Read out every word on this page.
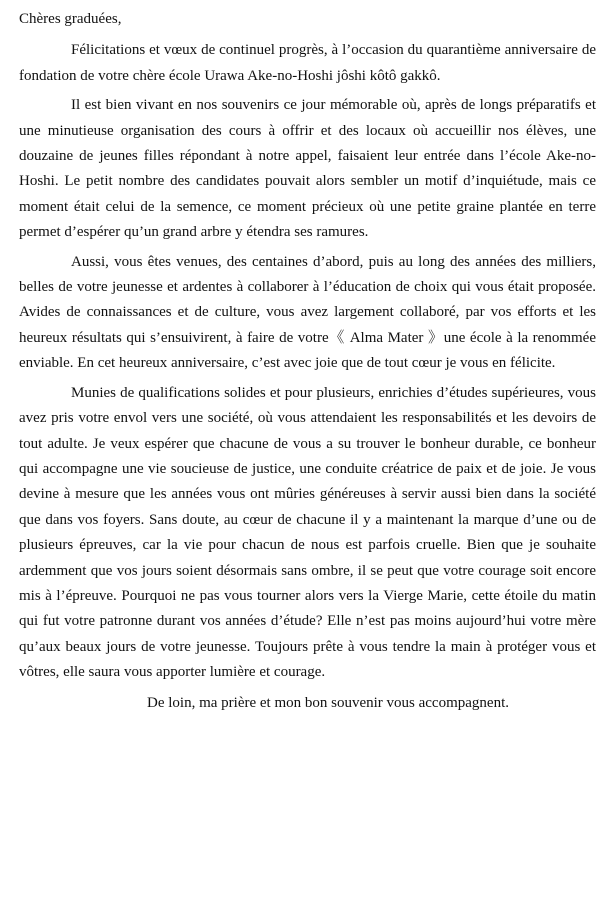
Chères graduées,

Félicitations et vœux de continuel progrès, à l’occasion du quarantième anniversaire de fondation de votre chère école Urawa Ake-no-Hoshi jôshi kôtô gakkô.

Il est bien vivant en nos souvenirs ce jour mémorable où, après de longs préparatifs et une minutieuse organisation des cours à offrir et des locaux où accueillir nos élèves, une douzaine de jeunes filles répondant à notre appel, faisaient leur entrée dans l’école Ake-no-Hoshi. Le petit nombre des candidates pouvait alors sembler un motif d’inquiétude, mais ce moment était celui de la semence, ce moment précieux où une petite graine plantée en terre permet d’espérer qu’un grand arbre y étendra ses ramures.

Aussi, vous êtes venues, des centaines d’abord, puis au long des années des milliers, belles de votre jeunesse et ardentes à collaborer à l’éducation de choix qui vous était proposée. Avides de connaissances et de culture, vous avez largement collaboré, par vos efforts et les heureux résultats qui s’ensuivirent, à faire de votre《 Alma Mater 》une école à la renommée enviable. En cet heureux anniversaire, c’est avec joie que de tout cœur je vous en félicite.

Munies de qualifications solides et pour plusieurs, enrichies d’études supérieures, vous avez pris votre envol vers une société, où vous attendaient les responsabilités et les devoirs de tout adulte. Je veux espérer que chacune de vous a su trouver le bonheur durable, ce bonheur qui accompagne une vie soucieuse de justice, une conduite créatrice de paix et de joie. Je vous devine à mesure que les années vous ont mûries généreuses à servir aussi bien dans la société que dans vos foyers. Sans doute, au cœur de chacune il y a maintenant la marque d’une ou de plusieurs épreuves, car la vie pour chacun de nous est parfois cruelle. Bien que je souhaite ardemment que vos jours soient désormais sans ombre, il se peut que votre courage soit encore mis à l’épreuve. Pourquoi ne pas vous tourner alors vers la Vierge Marie, cette étoile du matin qui fut votre patronne durant vos années d’étude? Elle n’est pas moins aujourd’hui votre mère qu’aux beaux jours de votre jeunesse. Toujours prête à vous tendre la main à protéger vous et vôtres, elle saura vous apporter lumière et courage.

De loin, ma prière et mon bon souvenir vous accompagnent.
